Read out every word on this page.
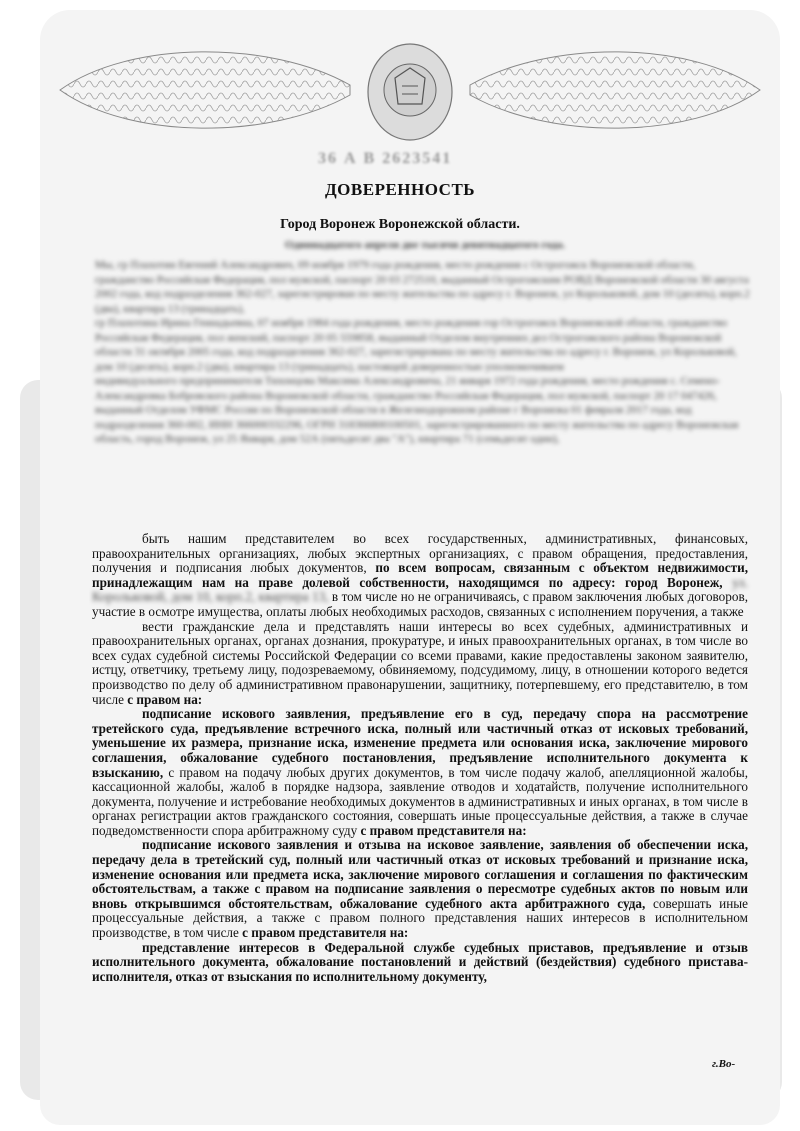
36 А В 2623541
ДОВЕРЕННОСТЬ
Город Воронеж Воронежской области.
Одиннадцатого апреля две тысячи девятнадцатого года.
Мы, гр Плахотин Евгений Александрович, 09 ноября 1979 года рождения, место рождения с Острогожск Воронежской области, гражданство Российская Федерация, пол мужской, паспорт 20 03 272510, выданный Острогожским РОВД Воронежской области 30 августа 2002 года, код подразделения 362-027, зарегистрирован по месту жительства по адресу г. Воронеж, ул Корольковой, дом 10 (десять), корп.2 (два), квартира 13 (тринадцать),
гр Плахотина Ирина Геннадьевна, 07 ноября 1984 года рождения, место рождения гор Острогожск Воронежской области, гражданство Российская Федерация, пол женский, паспорт 20 05 559858, выданный Отделом внутренних дел Острогожского района Воронежской области 31 октября 2005 года, код подразделения 362-027, зарегистрирована по месту жительства по адресу г. Воронеж, ул Корольковой, дом 10 (десять), корп.2 (два), квартира 13 (тринадцать), настоящей доверенностью уполномочиваем
индивидуального предпринимателя Тихонцова Максима Александровича, 21 января 1972 года рождения, место рождения с. Семено-Александровка Бобровского района Воронежской области, гражданство Российская Федерация, пол мужской, паспорт 20 17 047426, выданный Отделом УФМС России по Воронежской области в Железнодорожном районе г Воронежа 01 февраля 2017 года, код подразделения 360-002, ИНН 366000332296, ОГРН 318366800100501, зарегистрированного по месту жительства по адресу Воронежская область, город Воронеж, ул 25 Января, дом 52А (пятьдесят два "А"), квартира 71 (семьдесят один),

быть нашим представителем во всех государственных, административных, финансовых, правоохранительных организациях, любых экспертных организациях, с правом обращения, предоставления, получения и подписания любых документов, по всем вопросам, связанным с объектом недвижимости, принадлежащим нам на праве долевой собственности, находящимся по адресу: город Воронеж, ул. Корольковой, дом 10, корп.2, квартира 13, в том числе но не ограничиваясь, с правом заключения любых договоров, участие в осмотре имущества, оплаты любых необходимых расходов, связанных с исполнением поручения, а также

вести гражданские дела и представлять наши интересы во всех судебных, административных и правоохранительных органах, органах дознания, прокуратуре, и иных правоохранительных органах, в том числе во всех судах судебной системы Российской Федерации со всеми правами, какие предоставлены законом заявителю, истцу, ответчику, третьему лицу, подозреваемому, обвиняемому, подсудимому, лицу, в отношении которого ведется производство по делу об административном правонарушении, защитнику, потерпевшему, его представителю, в том числе с правом на:

подписание искового заявления, предъявление его в суд, передачу спора на рассмотрение третейского суда, предъявление встречного иска, полный или частичный отказ от исковых требований, уменьшение их размера, признание иска, изменение предмета или основания иска, заключение мирового соглашения, обжалование судебного постановления, предъявление исполнительного документа к взысканию, с правом на подачу любых других документов, в том числе подачу жалоб, апелляционной жалобы, кассационной жалобы, жалоб в порядке надзора, заявление отводов и ходатайств, получение исполнительного документа, получение и истребование необходимых документов в административных и иных органах, в том числе в органах регистрации актов гражданского состояния, совершать иные процессуальные действия, а также в случае подведомственности спора арбитражному суду с правом представителя на:

подписание искового заявления и отзыва на исковое заявление, заявления об обеспечении иска, передачу дела в третейский суд, полный или частичный отказ от исковых требований и признание иска, изменение основания или предмета иска, заключение мирового соглашения и соглашения по фактическим обстоятельствам, а также с правом на подписание заявления о пересмотре судебных актов по новым или вновь открывшимся обстоятельствам, обжалование судебного акта арбитражного суда, совершать иные процессуальные действия, а также с правом полного представления наших интересов в исполнительном производстве, в том числе с правом представителя на:

представление интересов в Федеральной службе судебных приставов, предъявление и отзыв исполнительного документа, обжалование постановлений и действий (бездействия) судебного пристава-исполнителя, отказ от взыскания по исполнительному документу,

г.Во-
